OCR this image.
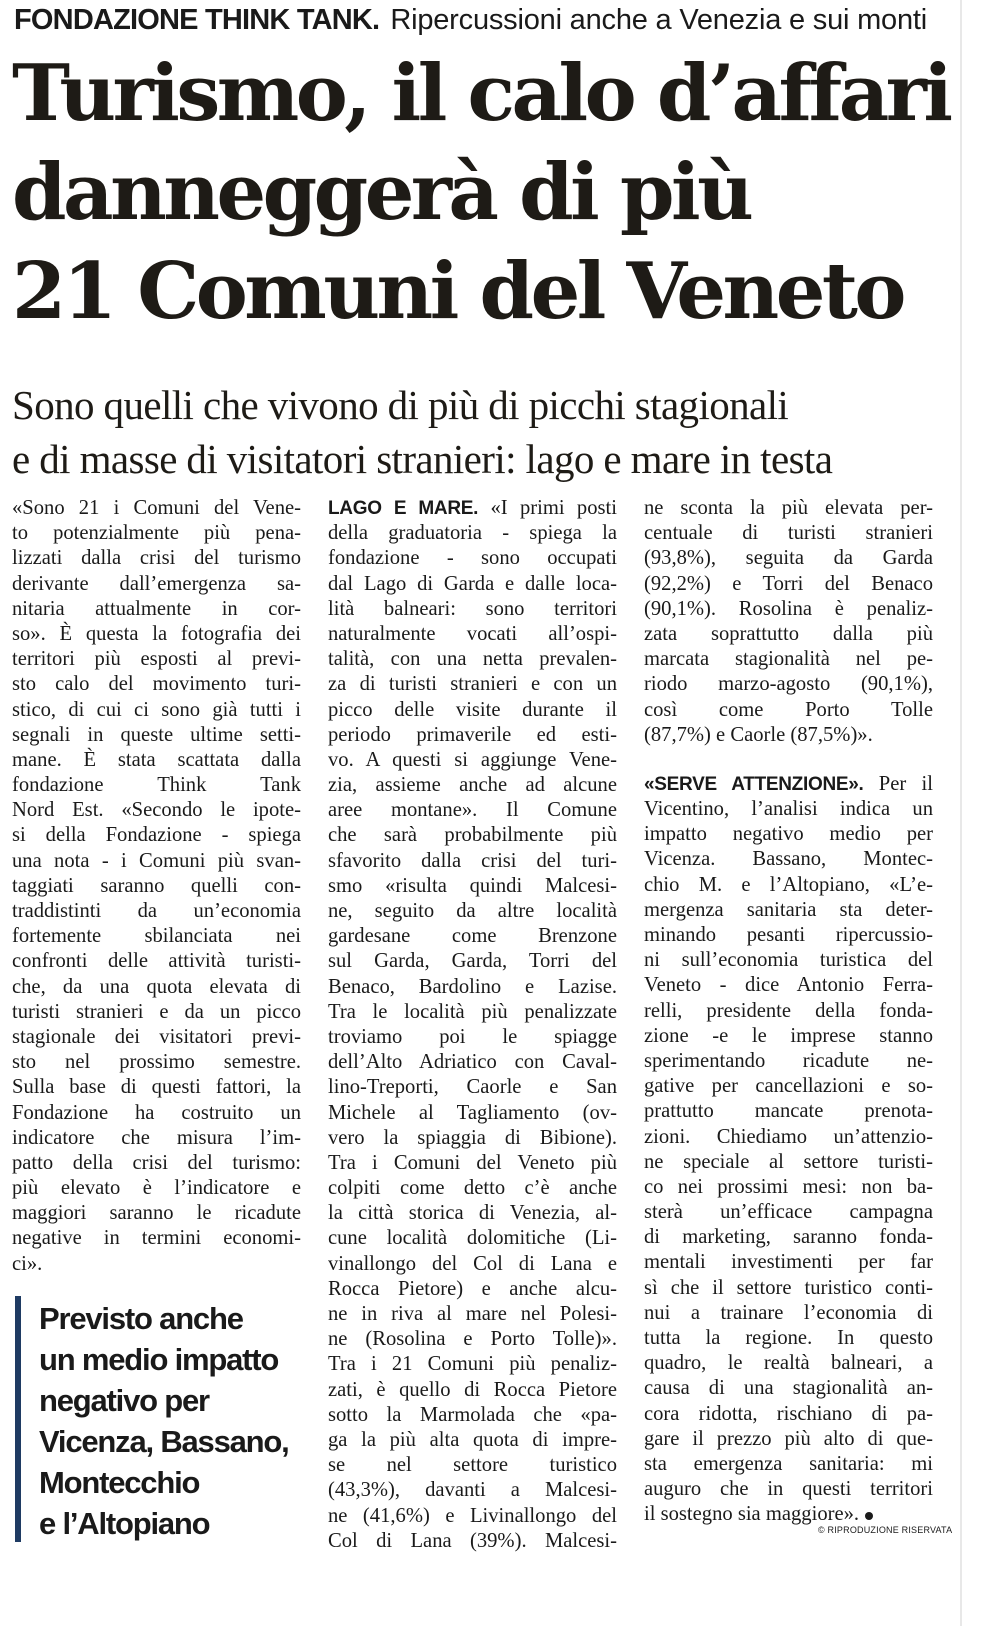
FONDAZIONE THINK TANK. Ripercussioni anche a Venezia e sui monti
Turismo, il calo d’affari
danneggerà di più
21 Comuni del Veneto
Sono quelli che vivono di più di picchi stagionali
e di masse di visitatori stranieri: lago e mare in testa
«Sono 21 i Comuni del Vene-
to potenzialmente più pena-
lizzati dalla crisi del turismo
derivante dall’emergenza sa-
nitaria attualmente in cor-
so». È questa la fotografia dei
territori più esposti al previ-
sto calo del movimento turi-
stico, di cui ci sono già tutti i
segnali in queste ultime setti-
mane. È stata scattata dalla
fondazione Think Tank
Nord Est. «Secondo le ipote-
si della Fondazione - spiega
una nota - i Comuni più svan-
taggiati saranno quelli con-
traddistinti da un’economia
fortemente sbilanciata nei
confronti delle attività turisti-
che, da una quota elevata di
turisti stranieri e da un picco
stagionale dei visitatori previ-
sto nel prossimo semestre.
Sulla base di questi fattori, la
Fondazione ha costruito un
indicatore che misura l’im-
patto della crisi del turismo:
più elevato è l’indicatore e
maggiori saranno le ricadute
negative in termini economi-
ci».
LAGO E MARE. «I primi posti
della graduatoria - spiega la
fondazione - sono occupati
dal Lago di Garda e dalle loca-
lità balneari: sono territori
naturalmente vocati all’ospi-
talità, con una netta prevalen-
za di turisti stranieri e con un
picco delle visite durante il
periodo primaverile ed esti-
vo. A questi si aggiunge Vene-
zia, assieme anche ad alcune
aree montane». Il Comune
che sarà probabilmente più
sfavorito dalla crisi del turi-
smo «risulta quindi Malcesi-
ne, seguito da altre località
gardesane come Brenzone
sul Garda, Garda, Torri del
Benaco, Bardolino e Lazise.
Tra le località più penalizzate
troviamo poi le spiagge
dell’Alto Adriatico con Caval-
lino-Treporti, Caorle e San
Michele al Tagliamento (ov-
vero la spiaggia di Bibione).
Tra i Comuni del Veneto più
colpiti come detto c’è anche
la città storica di Venezia, al-
cune località dolomitiche (Li-
vinallongo del Col di Lana e
Rocca Pietore) e anche alcu-
ne in riva al mare nel Polesi-
ne (Rosolina e Porto Tolle)».
Tra i 21 Comuni più penaliz-
zati, è quello di Rocca Pietore
sotto la Marmolada che «pa-
ga la più alta quota di impre-
se nel settore turistico
(43,3%), davanti a Malcesi-
ne (41,6%) e Livinallongo del
Col di Lana (39%). Malcesi-
ne sconta la più elevata per-
centuale di turisti stranieri
(93,8%), seguita da Garda
(92,2%) e Torri del Benaco
(90,1%). Rosolina è penaliz-
zata soprattutto dalla più
marcata stagionalità nel pe-
riodo marzo-agosto (90,1%),
così come Porto Tolle
(87,7%) e Caorle (87,5%)».
«SERVE ATTENZIONE». Per il
Vicentino, l’analisi indica un
impatto negativo medio per
Vicenza. Bassano, Montec-
chio M. e l’Altopiano, «L’e-
mergenza sanitaria sta deter-
minando pesanti ripercussio-
ni sull’economia turistica del
Veneto - dice Antonio Ferra-
relli, presidente della fonda-
zione -e le imprese stanno
sperimentando ricadute ne-
gative per cancellazioni e so-
prattutto mancate prenota-
zioni. Chiediamo un’attenzio-
ne speciale al settore turisti-
co nei prossimi mesi: non ba-
sterà un’efficace campagna
di marketing, saranno fonda-
mentali investimenti per far
sì che il settore turistico conti-
nui a trainare l’economia di
tutta la regione. In questo
quadro, le realtà balneari, a
causa di una stagionalità an-
cora ridotta, rischiano di pa-
gare il prezzo più alto di que-
sta emergenza sanitaria: mi
auguro che in questi territori
il sostegno sia maggiore».

Previsto anche
un medio impatto
negativo per
Vicenza, Bassano,
Montecchio
e l’Altopiano	© RIPRODUZIONE RISERVATA
